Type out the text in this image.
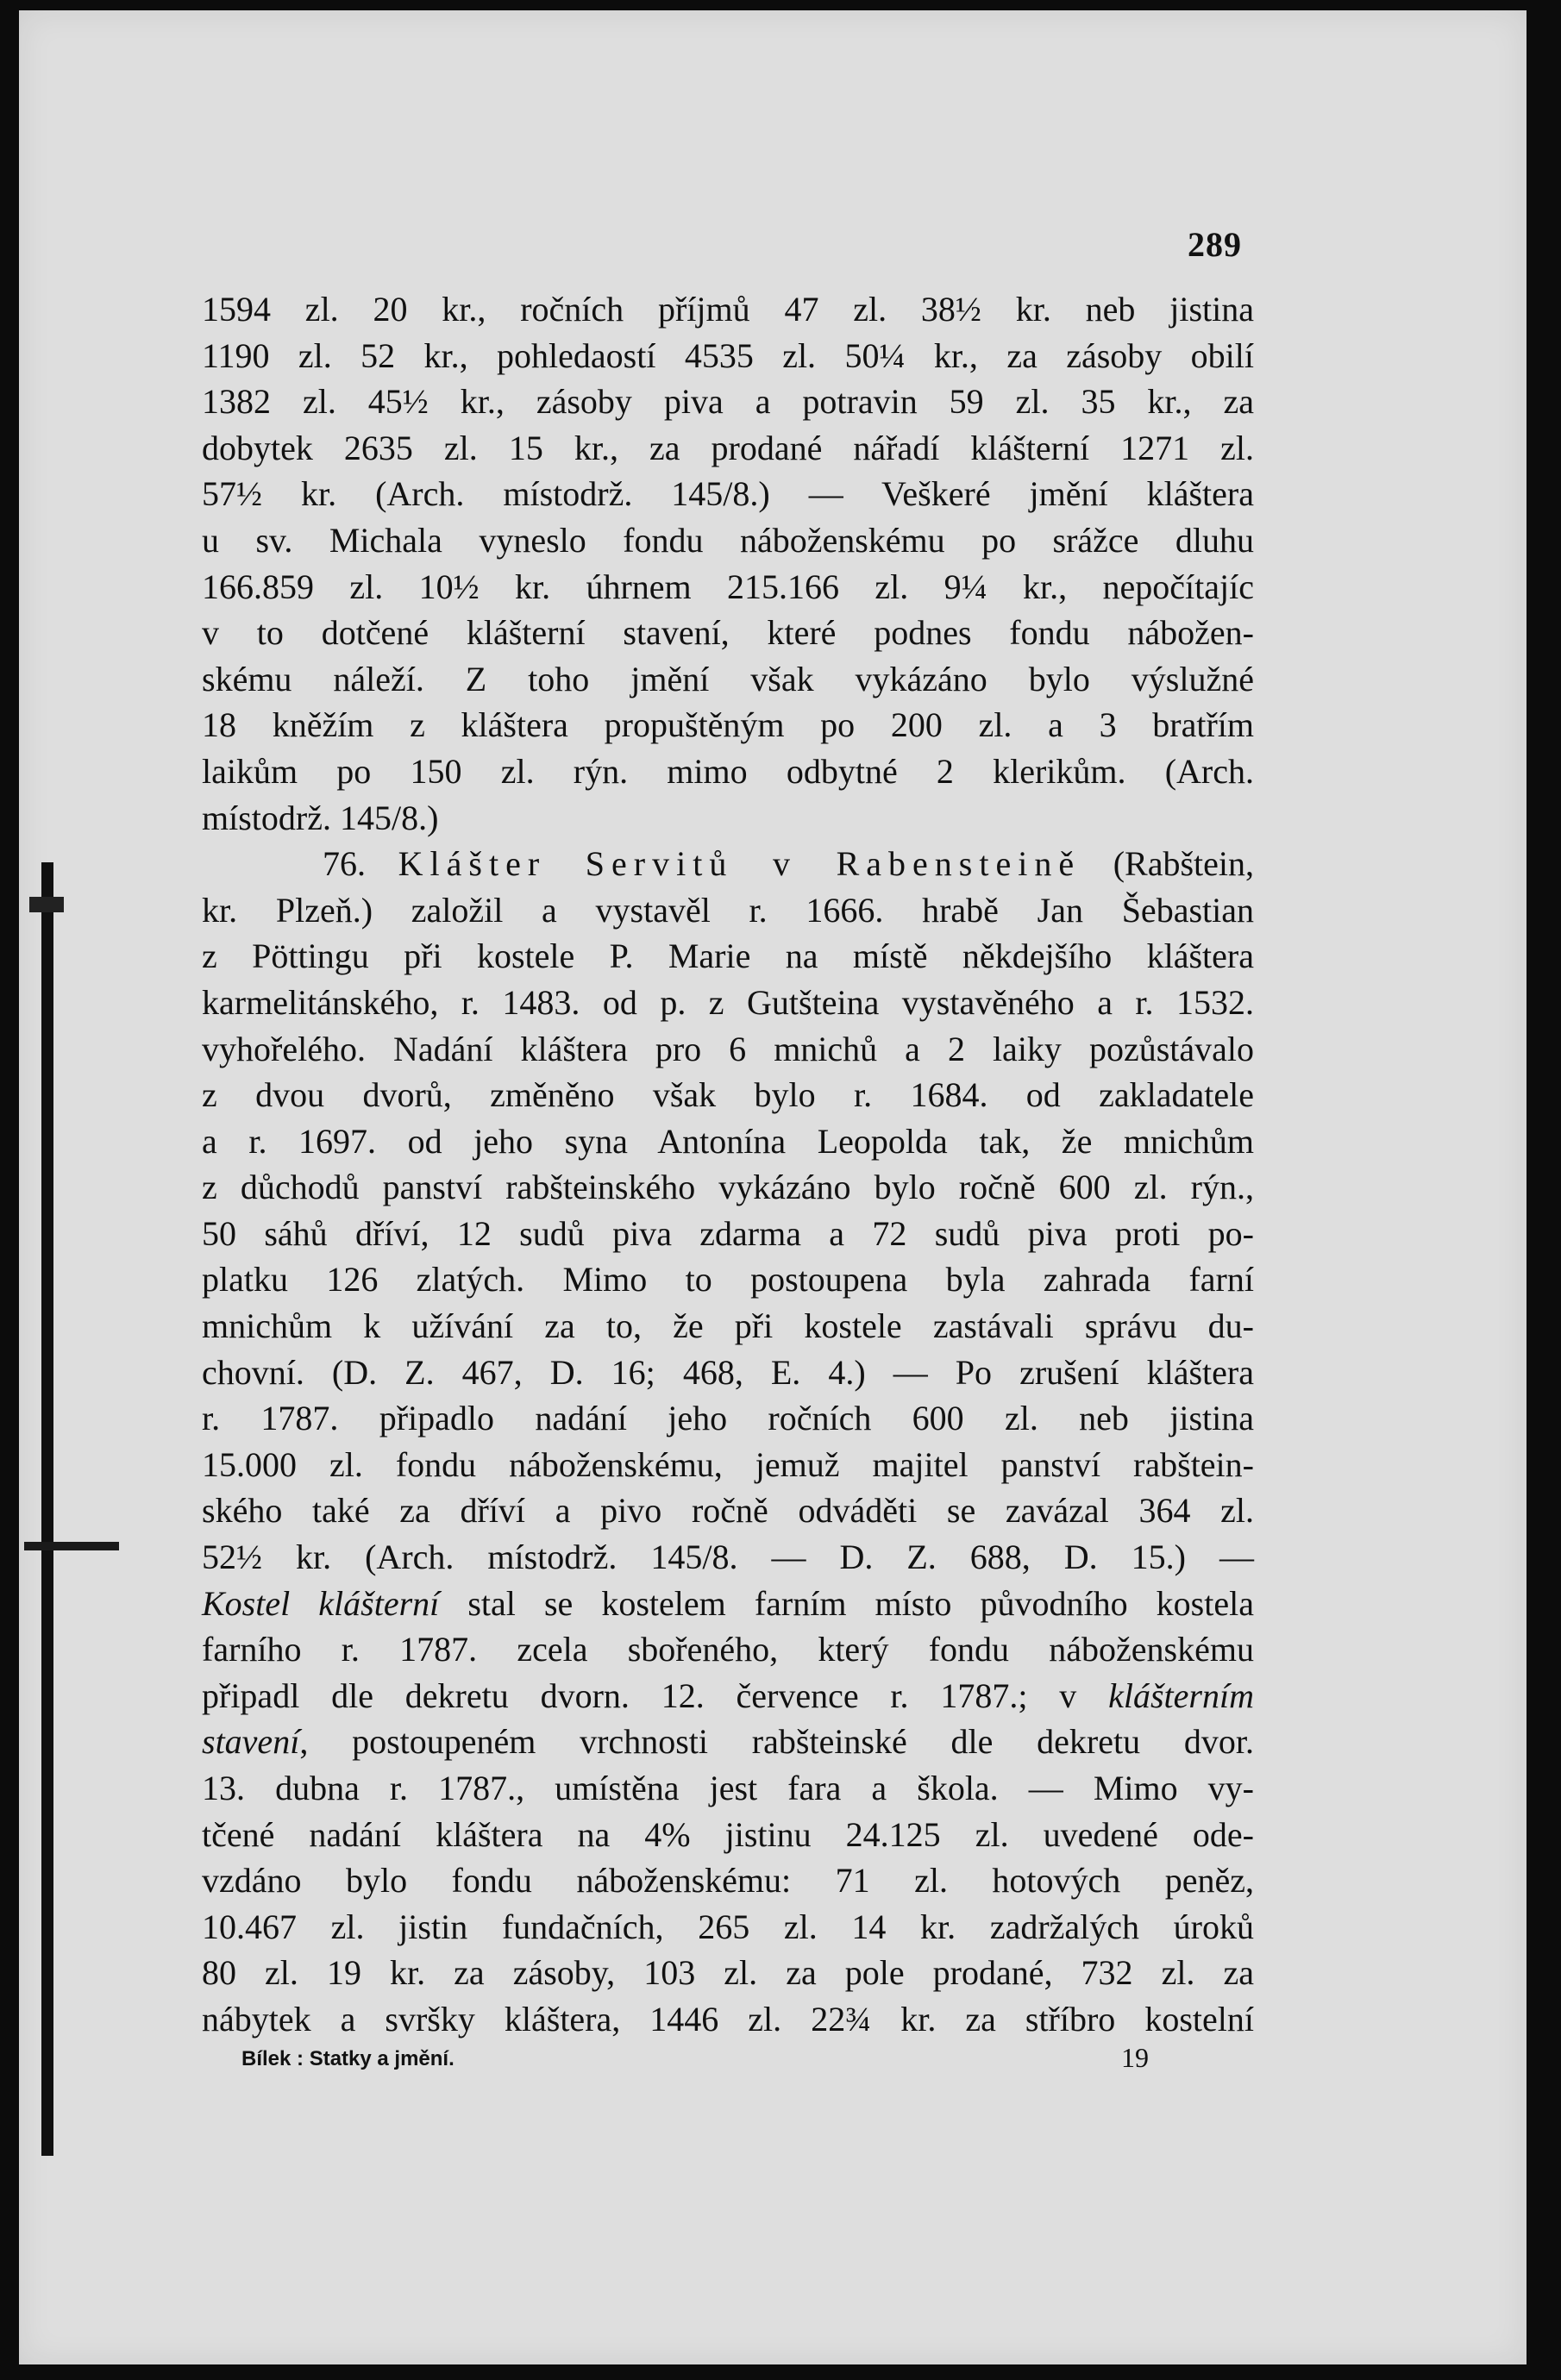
289
1594 zl. 20 kr., ročních příjmů 47 zl. 38½ kr. neb jistina
1190 zl. 52 kr., pohledaostí 4535 zl. 50¼ kr., za zásoby obilí
1382 zl. 45½ kr., zásoby piva a potravin 59 zl. 35 kr., za
dobytek 2635 zl. 15 kr., za prodané nářadí klášterní 1271 zl.
57½ kr. (Arch. místodrž. 145/8.) — Veškeré jmění kláštera
u sv. Michala vyneslo fondu náboženskému po srážce dluhu
166.859 zl. 10½ kr. úhrnem 215.166 zl. 9¼ kr., nepočítajíc
v to dotčené klášterní stavení, které podnes fondu nábožen-
skému náleží. Z toho jmění však vykázáno bylo výslužné
18 kněžím z kláštera propuštěným po 200 zl. a 3 bratřím
laikům po 150 zl. rýn. mimo odbytné 2 klerikům. (Arch.
místodrž. 145/8.)
76. Klášter Servitů v Rabensteině (Rabštein,
kr. Plzeň.) založil a vystavěl r. 1666. hrabě Jan Šebastian
z Pöttingu při kostele P. Marie na místě někdejšího kláštera
karmelitánského, r. 1483. od p. z Gutšteina vystavěného a r. 1532.
vyhořelého. Nadání kláštera pro 6 mnichů a 2 laiky pozůstávalo
z dvou dvorů, změněno však bylo r. 1684. od zakladatele
a r. 1697. od jeho syna Antonína Leopolda tak, že mnichům
z důchodů panství rabšteinského vykázáno bylo ročně 600 zl. rýn.,
50 sáhů dříví, 12 sudů piva zdarma a 72 sudů piva proti po-
platku 126 zlatých. Mimo to postoupena byla zahrada farní
mnichům k užívání za to, že při kostele zastávali správu du-
chovní. (D. Z. 467, D. 16; 468, E. 4.) — Po zrušení kláštera
r. 1787. připadlo nadání jeho ročních 600 zl. neb jistina
15.000 zl. fondu náboženskému, jemuž majitel panství rabštein-
ského také za dříví a pivo ročně odváděti se zavázal 364 zl.
52½ kr. (Arch. místodrž. 145/8. — D. Z. 688, D. 15.) —
Kostel klášterní stal se kostelem farním místo původního kostela
farního r. 1787. zcela sbořeného, který fondu náboženskému
připadl dle dekretu dvorn. 12. července r. 1787.; v klášterním
stavení, postoupeném vrchnosti rabšteinské dle dekretu dvor.
13. dubna r. 1787., umístěna jest fara a škola. — Mimo vy-
tčené nadání kláštera na 4% jistinu 24.125 zl. uvedené ode-
vzdáno bylo fondu náboženskému: 71 zl. hotových peněz,
10.467 zl. jistin fundačních, 265 zl. 14 kr. zadržalých úroků
80 zl. 19 kr. za zásoby, 103 zl. za pole prodané, 732 zl. za
nábytek a svršky kláštera, 1446 zl. 22¾ kr. za stříbro kostelní
Bílek : Statky a jmění.	19
